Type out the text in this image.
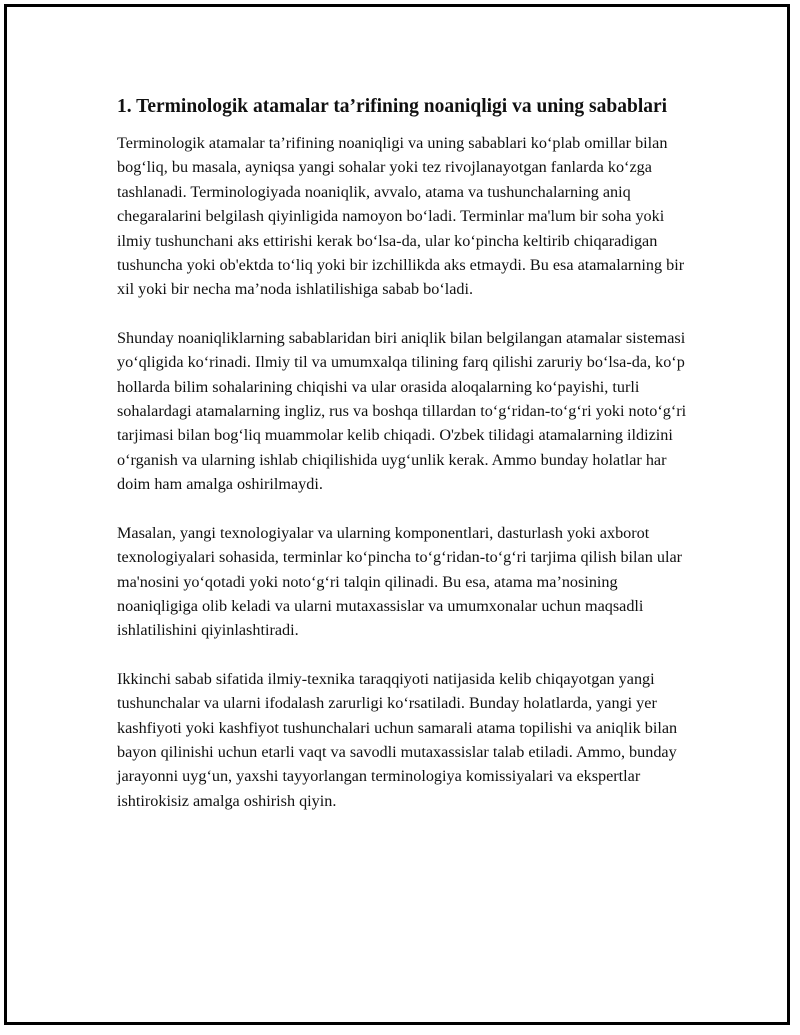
1. Terminologik atamalar ta’rifining noaniqligi va uning sabablari

Terminologik atamalar ta’rifining noaniqligi va uning sabablari ko‘plab omillar bilan bog‘liq, bu masala, ayniqsa yangi sohalar yoki tez rivojlanayotgan fanlarda ko‘zga tashlanadi. Terminologiyada noaniqlik, avvalo, atama va tushunchalarning aniq chegaralarini belgilash qiyinligida namoyon bo‘ladi. Terminlar ma'lum bir soha yoki ilmiy tushunchani aks ettirishi kerak bo‘lsa-da, ular ko‘pincha keltirib chiqaradigan tushuncha yoki ob'ektda to‘liq yoki bir izchillikda aks etmaydi. Bu esa atamalarning bir xil yoki bir necha ma’noda ishlatilishiga sabab bo‘ladi.

Shunday noaniqliklarning sabablaridan biri aniqlik bilan belgilangan atamalar sistemasi yo‘qligida ko‘rinadi. Ilmiy til va umumxalqa tilining farq qilishi zaruriy bo‘lsa-da, ko‘p hollarda bilim sohalarining chiqishi va ular orasida aloqalarning ko‘payishi, turli sohalardagi atamalarning ingliz, rus va boshqa tillardan to‘g‘ridan-to‘g‘ri yoki noto‘g‘ri tarjimasi bilan bog‘liq muammolar kelib chiqadi. O'zbek tilidagi atamalarning ildizini o‘rganish va ularning ishlab chiqilishida uyg‘unlik kerak. Ammo bunday holatlar har doim ham amalga oshirilmaydi.

Masalan, yangi texnologiyalar va ularning komponentlari, dasturlash yoki axborot texnologiyalari sohasida, terminlar ko‘pincha to‘g‘ridan-to‘g‘ri tarjima qilish bilan ular ma'nosini yo‘qotadi yoki noto‘g‘ri talqin qilinadi. Bu esa, atama ma’nosining noaniqligiga olib keladi va ularni mutaxassislar va umumxonalar uchun maqsadli ishlatilishini qiyinlashtiradi.

Ikkinchi sabab sifatida ilmiy-texnika taraqqiyoti natijasida kelib chiqayotgan yangi tushunchalar va ularni ifodalash zarurligi ko‘rsatiladi. Bunday holatlarda, yangi yer kashfiyoti yoki kashfiyot tushunchalari uchun samarali atama topilishi va aniqlik bilan bayon qilinishi uchun etarli vaqt va savodli mutaxassislar talab etiladi. Ammo, bunday jarayonni uyg‘un, yaxshi tayyorlangan terminologiya komissiyalari va ekspertlar ishtirokisiz amalga oshirish qiyin.
